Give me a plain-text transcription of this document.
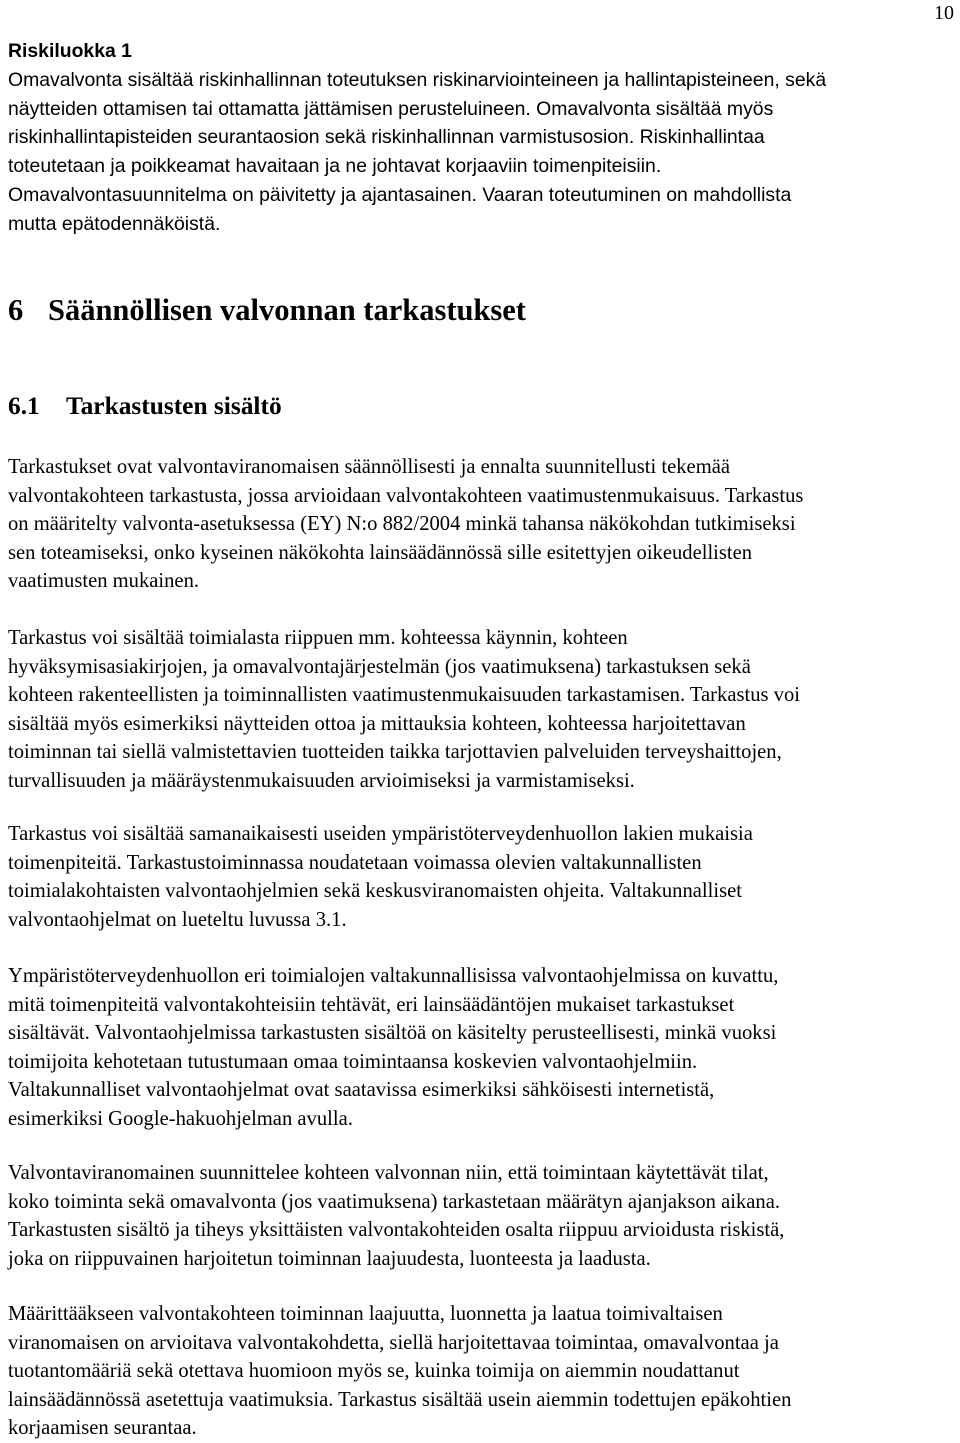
10
Riskiluokka 1
Omavalvonta sisältää riskinhallinnan toteutuksen riskinarviointeineen ja hallintapisteineen, sekä
näytteiden ottamisen tai ottamatta jättämisen perusteluineen. Omavalvonta sisältää myös
riskinhallintapisteiden seurantaosion sekä riskinhallinnan varmistusosion. Riskinhallintaa
toteutetaan ja poikkeamat havaitaan ja ne johtavat korjaaviin toimenpiteisiin.
Omavalvontasuunnitelma on päivitetty ja ajantasainen. Vaaran toteutuminen on mahdollista
mutta epätodennäköistä.
6 Säännöllisen valvonnan tarkastukset
6.1 Tarkastusten sisältö
Tarkastukset ovat valvontaviranomaisen säännöllisesti ja ennalta suunnitellusti tekemää
valvontakohteen tarkastusta, jossa arvioidaan valvontakohteen vaatimustenmukaisuus. Tarkastus
on määritelty valvonta-asetuksessa (EY) N:o 882/2004 minkä tahansa näkökohdan tutkimiseksi
sen toteamiseksi, onko kyseinen näkökohta lainsäädännössä sille esitettyjen oikeudellisten
vaatimusten mukainen.
Tarkastus voi sisältää toimialasta riippuen mm. kohteessa käynnin, kohteen
hyväksymisasiakirjojen, ja omavalvontajärjestelmän (jos vaatimuksena) tarkastuksen sekä
kohteen rakenteellisten ja toiminnallisten vaatimustenmukaisuuden tarkastamisen. Tarkastus voi
sisältää myös esimerkiksi näytteiden ottoa ja mittauksia kohteen, kohteessa harjoitettavan
toiminnan tai siellä valmistettavien tuotteiden taikka tarjottavien palveluiden terveyshaittojen,
turvallisuuden ja määräystenmukaisuuden arvioimiseksi ja varmistamiseksi.
Tarkastus voi sisältää samanaikaisesti useiden ympäristöterveydenhuollon lakien mukaisia
toimenpiteitä. Tarkastustoiminnassa noudatetaan voimassa olevien valtakunnallisten
toimialakohtaisten valvontaohjelmien sekä keskusviranomaisten ohjeita. Valtakunnalliset
valvontaohjelmat on lueteltu luvussa 3.1.
Ympäristöterveydenhuollon eri toimialojen valtakunnallisissa valvontaohjelmissa on kuvattu,
mitä toimenpiteitä valvontakohteisiin tehtävät, eri lainsäädäntöjen mukaiset tarkastukset
sisältävät. Valvontaohjelmissa tarkastusten sisältöä on käsitelty perusteellisesti, minkä vuoksi
toimijoita kehotetaan tutustumaan omaa toimintaansa koskevien valvontaohjelmiin.
Valtakunnalliset valvontaohjelmat ovat saatavissa esimerkiksi sähköisesti internetistä,
esimerkiksi Google-hakuohjelman avulla.
Valvontaviranomainen suunnittelee kohteen valvonnan niin, että toimintaan käytettävät tilat,
koko toiminta sekä omavalvonta (jos vaatimuksena) tarkastetaan määrätyn ajanjakson aikana.
Tarkastusten sisältö ja tiheys yksittäisten valvontakohteiden osalta riippuu arvioidusta riskistä,
joka on riippuvainen harjoitetun toiminnan laajuudesta, luonteesta ja laadusta.
Määrittääkseen valvontakohteen toiminnan laajuutta, luonnetta ja laatua toimivaltaisen
viranomaisen on arvioitava valvontakohdetta, siellä harjoitettavaa toimintaa, omavalvontaa ja
tuotantomääriä sekä otettava huomioon myös se, kuinka toimija on aiemmin noudattanut
lainsäädännössä asetettuja vaatimuksia. Tarkastus sisältää usein aiemmin todettujen epäkohtien
korjaamisen seurantaa.
